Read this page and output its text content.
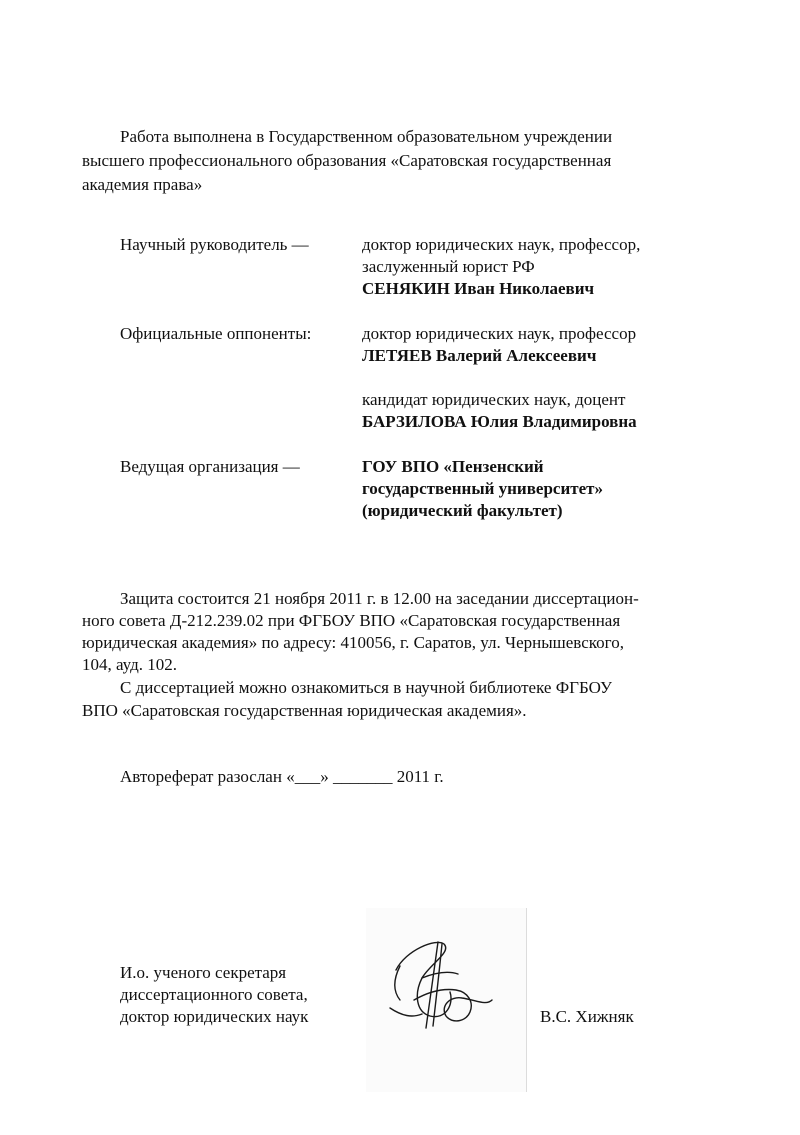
Работа выполнена в Государственном образовательном учреждении
высшего профессионального образования «Саратовская государственная
академия права»
Научный руководитель —	доктор юридических наук, профессор,
заслуженный юрист РФ
СЕНЯКИН Иван Николаевич
Официальные оппоненты:	доктор юридических наук, профессор
ЛЕТЯЕВ Валерий Алексеевич
кандидат юридических наук, доцент
БАРЗИЛОВА Юлия Владимировна
Ведущая организация —	ГОУ ВПО «Пензенский
государственный университет»
(юридический факультет)
Защита состоится 21 ноября 2011 г. в 12.00 на заседании диссертацион-
ного совета Д-212.239.02 при ФГБОУ ВПО «Саратовская государственная
юридическая академия» по адресу: 410056, г. Саратов, ул. Чернышевского,
104, ауд. 102.
С диссертацией можно ознакомиться в научной библиотеке ФГБОУ
ВПО «Саратовская государственная юридическая академия».
Автореферат разослан «___» _______ 2011 г.
И.о. ученого секретаря
диссертационного совета,
доктор юридических наук	В.С. Хижняк
